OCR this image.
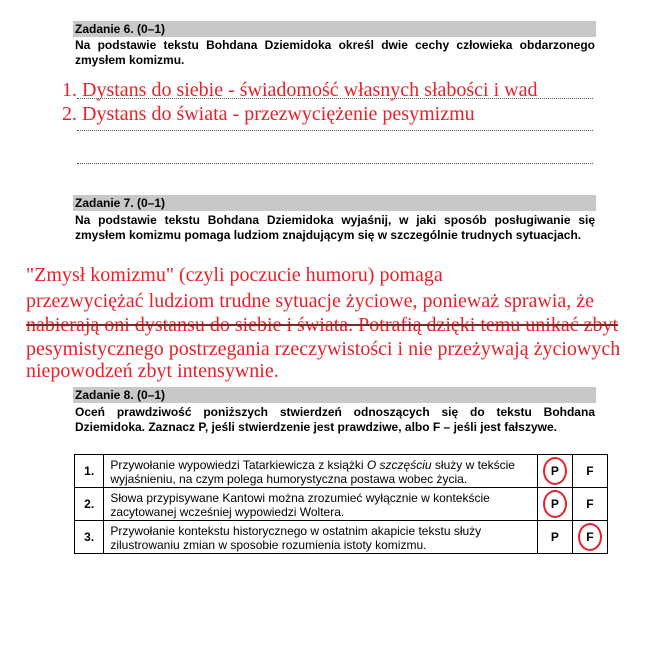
Zadanie 6. (0–1)
Na podstawie tekstu Bohdana Dziemidoka określ dwie cechy człowieka obdarzonego zmysłem komizmu.
1. Dystans do siebie - świadomość własnych słabości i wad
2. Dystans do świata - przezwyciężenie pesymizmu
Zadanie 7. (0–1)
Na podstawie tekstu Bohdana Dziemidoka wyjaśnij, w jaki sposób posługiwanie się zmysłem komizmu pomaga ludziom znajdującym się w szczególnie trudnych sytuacjach.
"Zmysł komizmu" (czyli poczucie humoru) pomaga
przezwyciężać ludziom trudne sytuacje życiowe, ponieważ sprawia, że
nabierają oni dystansu do siebie i świata. Potrafią dzięki temu unikać zbyt
pesymistycznego postrzegania rzeczywistości i nie przeżywają życiowych
niepowodzeń zbyt intensywnie.
Zadanie 8. (0–1)
Oceń prawdziwość poniższych stwierdzeń odnoszących się do tekstu Bohdana Dziemidoka. Zaznacz P, jeśli stwierdzenie jest prawdziwe, albo F – jeśli jest fałszywe.
1.	Przywołanie wypowiedzi Tatarkiewicza z książki O szczęściu służy w tekście wyjaśnieniu, na czym polega humorystyczna postawa wobec życia.	P	F
2.	Słowa przypisywane Kantowi można zrozumieć wyłącznie w kontekście zacytowanej wcześniej wypowiedzi Woltera.	P	F
3.	Przywołanie kontekstu historycznego w ostatnim akapicie tekstu służy zilustrowaniu zmian w sposobie rozumienia istoty komizmu.	P	F
